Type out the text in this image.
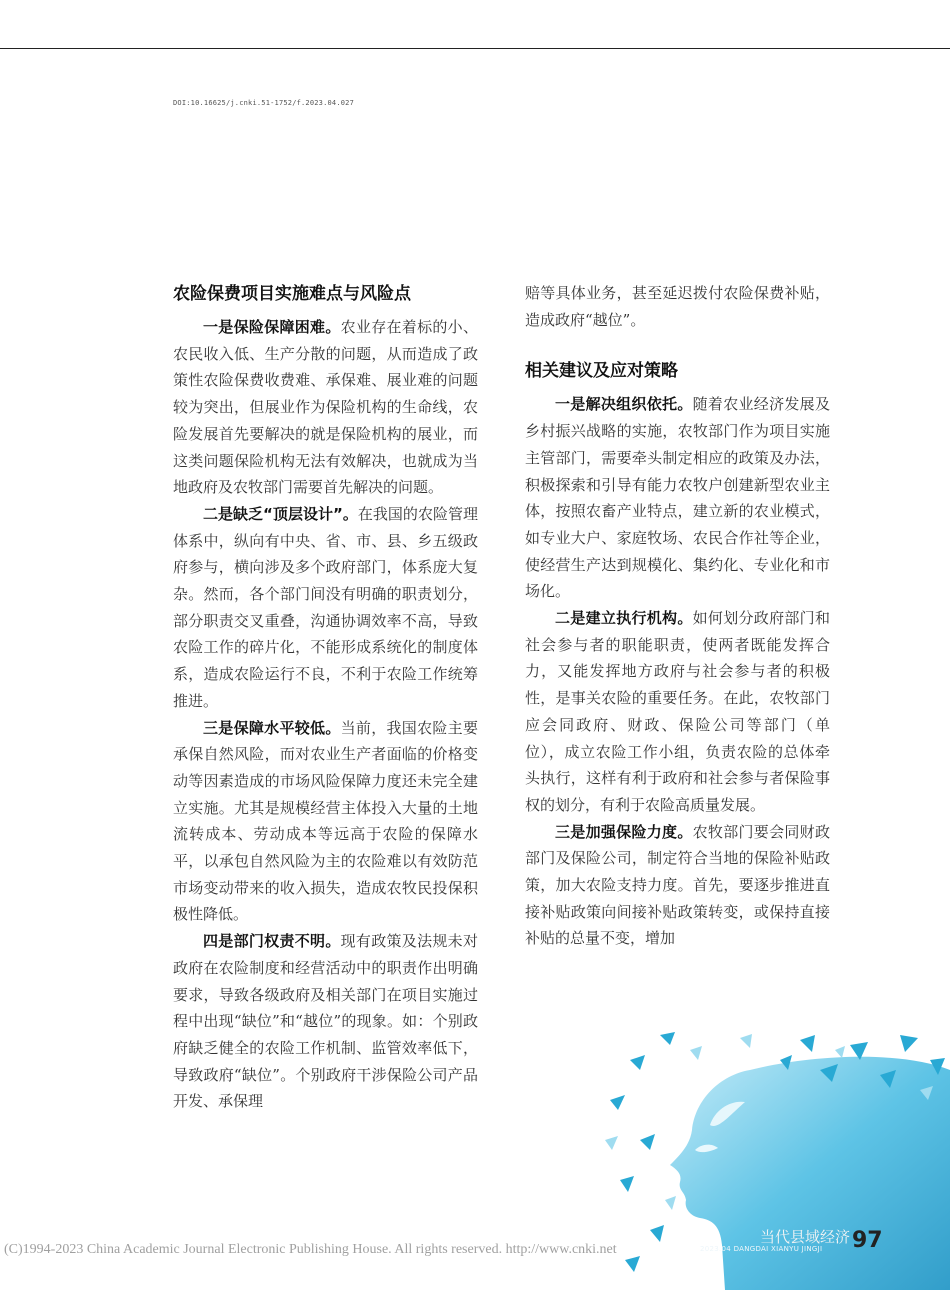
DOI:10.16625/j.cnki.51-1752/f.2023.04.027
农险保费项目实施难点与风险点

一是保险保障困难。农业存在着标的小、农民收入低、生产分散的问题，从而造成了政策性农险保费收费难、承保难、展业难的问题较为突出，但展业作为保险机构的生命线，农险发展首先要解决的就是保险机构的展业，而这类问题保险机构无法有效解决，也就成为当地政府及农牧部门需要首先解决的问题。

二是缺乏“顶层设计”。在我国的农险管理体系中，纵向有中央、省、市、县、乡五级政府参与，横向涉及多个政府部门，体系庞大复杂。然而，各个部门间没有明确的职责划分，部分职责交叉重叠，沟通协调效率不高，导致农险工作的碎片化，不能形成系统化的制度体系，造成农险运行不良，不利于农险工作统筹推进。

三是保障水平较低。当前，我国农险主要承保自然风险，而对农业生产者面临的价格变动等因素造成的市场风险保障力度还未完全建立实施。尤其是规模经营主体投入大量的土地流转成本、劳动成本等远高于农险的保障水平，以承包自然风险为主的农险难以有效防范市场变动带来的收入损失，造成农牧民投保积极性降低。

四是部门权责不明。现有政策及法规未对政府在农险制度和经营活动中的职责作出明确要求，导致各级政府及相关部门在项目实施过程中出现“缺位”和“越位”的现象。如：个别政府缺乏健全的农险工作机制、监管效率低下，导致政府“缺位”。个别政府干涉保险公司产品开发、承保理

赔等具体业务，甚至延迟拨付农险保费补贴，造成政府“越位”。

相关建议及应对策略

一是解决组织依托。随着农业经济发展及乡村振兴战略的实施，农牧部门作为项目实施主管部门，需要牵头制定相应的政策及办法，积极探索和引导有能力农牧户创建新型农业主体，按照农畜产业特点，建立新的农业模式，如专业大户、家庭牧场、农民合作社等企业，使经营生产达到规模化、集约化、专业化和市场化。

二是建立执行机构。如何划分政府部门和社会参与者的职能职责，使两者既能发挥合力，又能发挥地方政府与社会参与者的积极性，是事关农险的重要任务。在此，农牧部门应会同政府、财政、保险公司等部门（单位），成立农险工作小组，负责农险的总体牵头执行，这样有利于政府和社会参与者保险事权的划分，有利于农险高质量发展。

三是加强保险力度。农牧部门要会同财政部门及保险公司，制定符合当地的保险补贴政策，加大农险支持力度。首先，要逐步推进直接补贴政策向间接补贴政策转变，或保持直接补贴的总量不变，增加

(C)1994-2023 China Academic Journal Electronic Publishing House. All rights reserved. http://www.cnki.net
当代县域经济
2023.04 DANGDAI XIANYU JINGJI 97
